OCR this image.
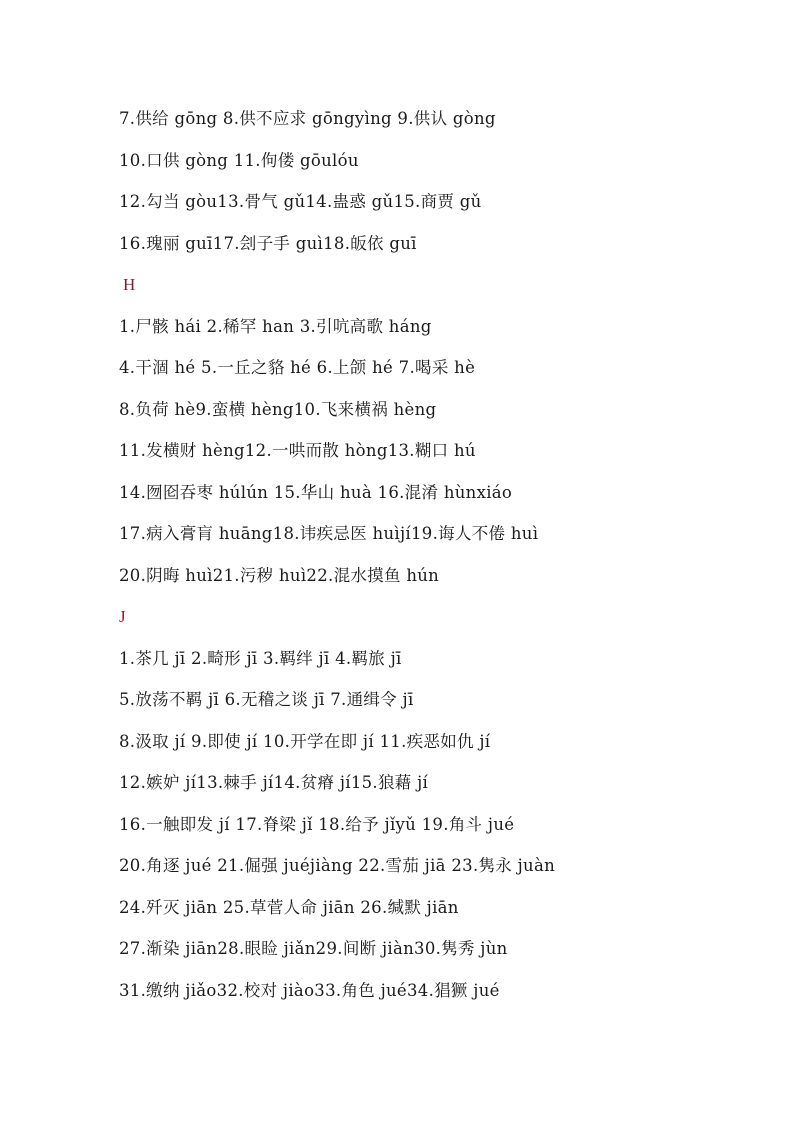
7.供给 gōng 8.供不应求 gōngyìng 9.供认 gòng
10.口供 gòng 11.佝偻 gōulóu
12.勾当 gòu13.骨气 gǔ14.蛊惑 gǔ15.商贾 gǔ
16.瑰丽 guī17.刽子手 guì18.皈依 guī
H
1.尸骸 hái 2.稀罕 han 3.引吭高歌 háng
4.干涸 hé 5.一丘之貉 hé 6.上颌 hé 7.喝采 hè
8.负荷 hè9.蛮横 hèng10.飞来横祸 hèng
11.发横财 hèng12.一哄而散 hòng13.糊口 hú
14.囫囵吞枣 húlún 15.华山 huà 16.混淆 hùnxiáo
17.病入膏肓 huāng18.讳疾忌医 huìjí19.诲人不倦 huì
20.阴晦 huì21.污秽 huì22.混水摸鱼 hún
J
1.茶几 jī 2.畸形 jī 3.羁绊 jī 4.羁旅 jī
5.放荡不羁 jī 6.无稽之谈 jī 7.通缉令 jī
8.汲取 jí 9.即使 jí 10.开学在即 jí 11.疾恶如仇 jí
12.嫉妒 jí13.棘手 jí14.贫瘠 jí15.狼藉 jí
16.一触即发 jí 17.脊梁 jǐ 18.给予 jǐyǔ 19.角斗 jué
20.角逐 jué 21.倔强 juéjiàng 22.雪茄 jiā 23.隽永 juàn
24.歼灭 jiān 25.草菅人命 jiān 26.缄默 jiān
27.渐染 jiān28.眼睑 jiǎn29.间断 jiàn30.隽秀 jùn
31.缴纳 jiǎo32.校对 jiào33.角色 jué34.猖獗 jué
